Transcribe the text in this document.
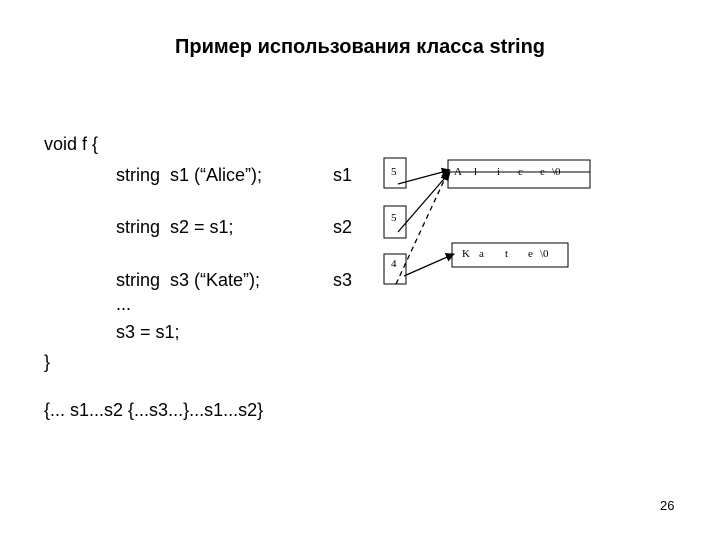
Пример использования класса string
void f {
string  s1 (“Alice”);
string  s2 = s1;
string  s3 (“Kate”);
...
s3 = s1;
}
{... s1...s2 {...s3...}...s1...s2}
s1
s2
s3
5
5
4
A l i c e \0
K a t e \0
26
